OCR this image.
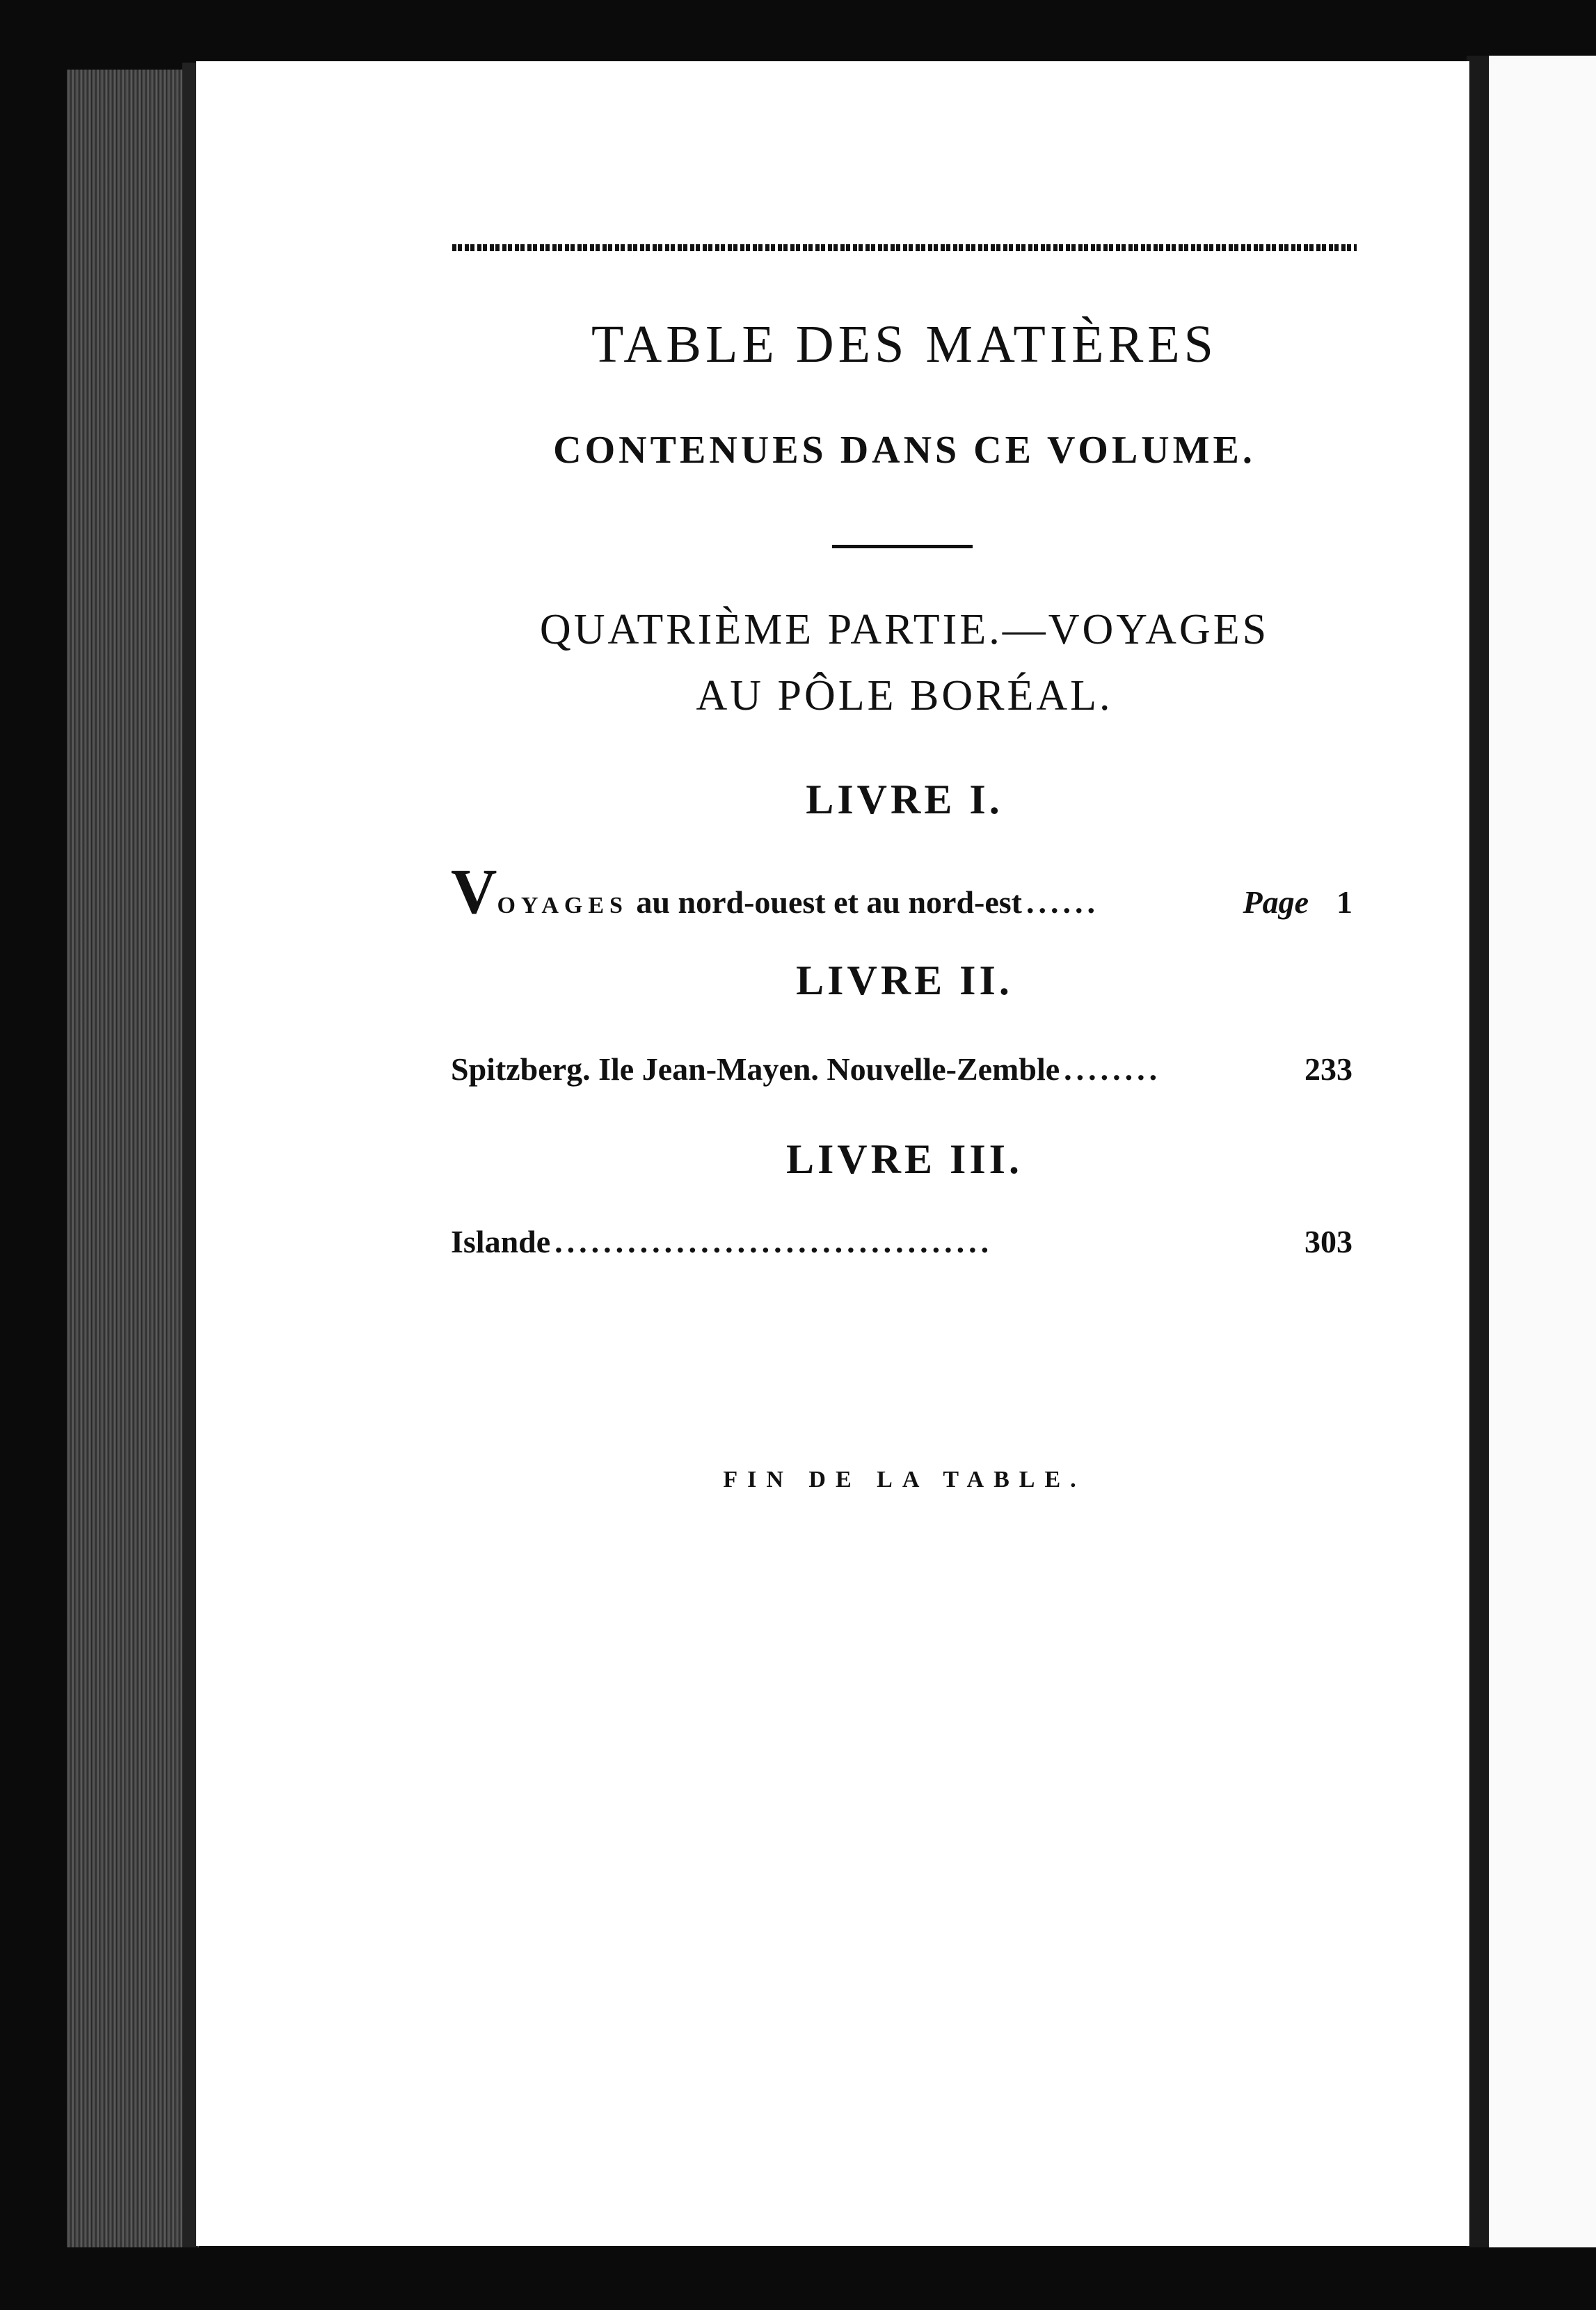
TABLE DES MATIÈRES
CONTENUES DANS CE VOLUME.
QUATRIÈME PARTIE.—VOYAGES
AU PÔLE BORÉAL.
LIVRE I.
VOYAGES au nord-ouest et au nord-est ......	Page 1
LIVRE II.
Spitzberg. Ile Jean-Mayen. Nouvelle-Zemble ........	233
LIVRE III.
Islande ....................................	303
FIN DE LA TABLE.
